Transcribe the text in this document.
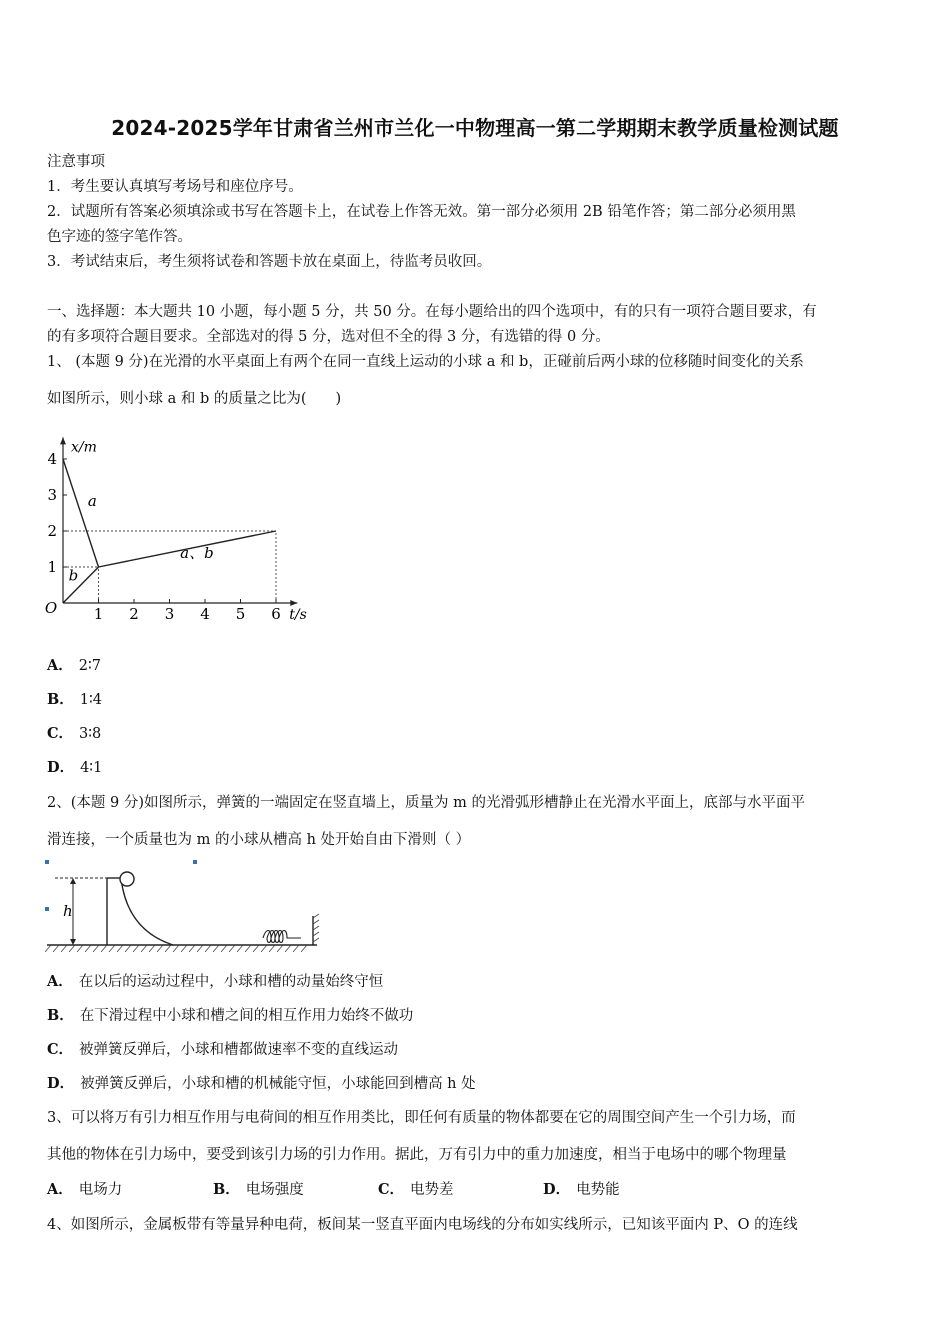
2024-2025学年甘肃省兰州市兰化一中物理高一第二学期期末教学质量检测试题
注意事项
1．考生要认真填写考场号和座位序号。
2．试题所有答案必须填涂或书写在答题卡上，在试卷上作答无效。第一部分必须用 2B 铅笔作答；第二部分必须用黑
色字迹的签字笔作答。
3．考试结束后，考生须将试卷和答题卡放在桌面上，待监考员收回。
一、选择题：本大题共 10 小题，每小题 5 分，共 50 分。在每小题给出的四个选项中，有的只有一项符合题目要求，有
的有多项符合题目要求。全部选对的得 5 分，选对但不全的得 3 分，有选错的得 0 分。
1、 (本题 9 分)在光滑的水平桌面上有两个在同一直线上运动的小球 a 和 b，正碰前后两小球的位移随时间变化的关系
如图所示，则小球 a 和 b 的质量之比为(　　)
1 2 3 4 5 6
1
2
3
4
O	t/s
x/m
a
b
a、b
A． 2∶7
B． 1∶4
C． 3∶8
D． 4∶1
2、(本题 9 分)如图所示，弹簧的一端固定在竖直墙上，质量为 m 的光滑弧形槽静止在光滑水平面上，底部与水平面平
滑连接，一个质量也为 m 的小球从槽高 h 处开始自由下滑则（ ）
h
A． 在以后的运动过程中，小球和槽的动量始终守恒
B． 在下滑过程中小球和槽之间的相互作用力始终不做功
C． 被弹簧反弹后，小球和槽都做速率不变的直线运动
D． 被弹簧反弹后，小球和槽的机械能守恒，小球能回到槽高 h 处
3、可以将万有引力相互作用与电荷间的相互作用类比，即任何有质量的物体都要在它的周围空间产生一个引力场，而
其他的物体在引力场中，要受到该引力场的引力作用。据此，万有引力中的重力加速度，相当于电场中的哪个物理量
A． 电场力	B． 电场强度	C． 电势差	D． 电势能
4、如图所示，金属板带有等量异种电荷，板间某一竖直平面内电场线的分布如实线所示，已知该平面内 P、O 的连线
